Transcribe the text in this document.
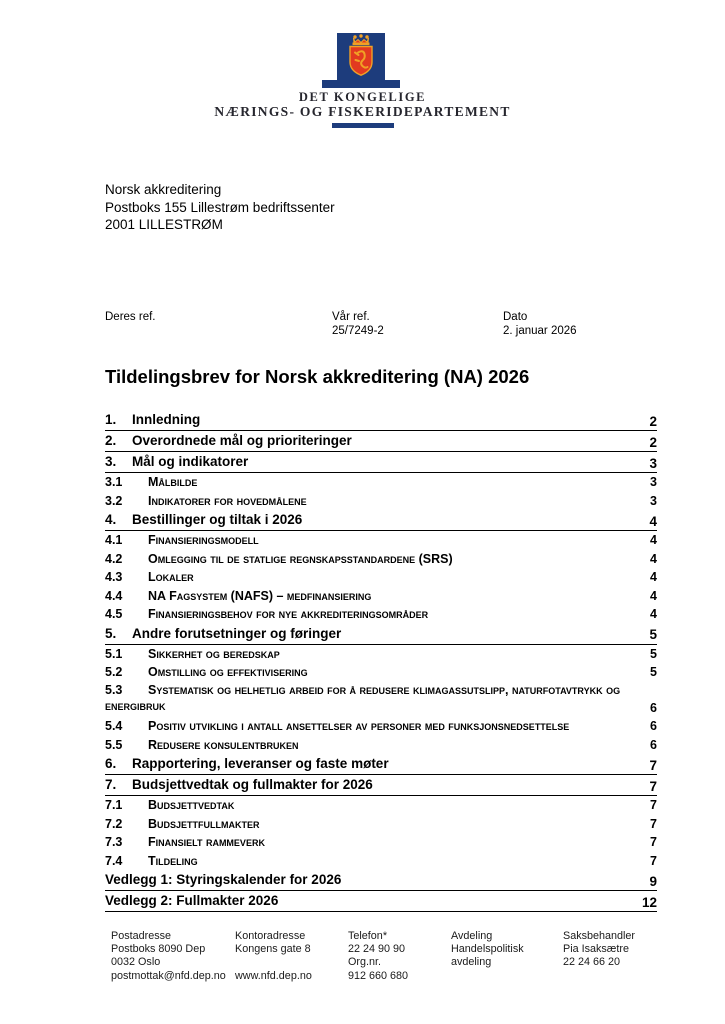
DET KONGELIGE
NÆRINGS- OG FISKERIDEPARTEMENT
Norsk akkreditering
Postboks 155 Lillestrøm bedriftssenter
2001 LILLESTRØM
Deres ref.	Vår ref.
25/7249-2
Dato
2. januar 2026
Tildelingsbrev for Norsk akkreditering (NA) 2026
1. Innledning	2
2. Overordnede mål og prioriteringer	2
3. Mål og indikatorer	3
3.1 Målbilde	3
3.2 Indikatorer for hovedmålene	3
4. Bestillinger og tiltak i 2026	4
4.1 Finansieringsmodell	4
4.2 Omlegging til de statlige regnskapsstandardene (SRS)	4
4.3 Lokaler	4
4.4 NA Fagsystem (NAFS) – medfinansiering	4
4.5 Finansieringsbehov for nye akkrediteringsområder	4
5. Andre forutsetninger og føringer	5
5.1 Sikkerhet og beredskap	5
5.2 Omstilling og effektivisering	5
5.3 Systematisk og helhetlig arbeid for å redusere klimagassutslipp, naturfotavtrykk og energibruk	6
5.4 Positiv utvikling i antall ansettelser av personer med funksjonsnedsettelse	6
5.5 Redusere konsulentbruken	6
6. Rapportering, leveranser og faste møter	7
7. Budsjettvedtak og fullmakter for 2026	7
7.1 Budsjettvedtak	7
7.2 Budsjettfullmakter	7
7.3 Finansielt rammeverk	7
7.4 Tildeling	7
Vedlegg 1: Styringskalender for 2026	9
Vedlegg 2: Fullmakter 2026	12
Postadresse
Postboks 8090 Dep
0032 Oslo
postmottak@nfd.dep.no
Kontoradresse
Kongens gate 8

www.nfd.dep.no
Telefon*
22 24 90 90
Org.nr.
912 660 680
Avdeling
Handelspolitisk
avdeling
Saksbehandler
Pia Isaksætre
22 24 66 20
